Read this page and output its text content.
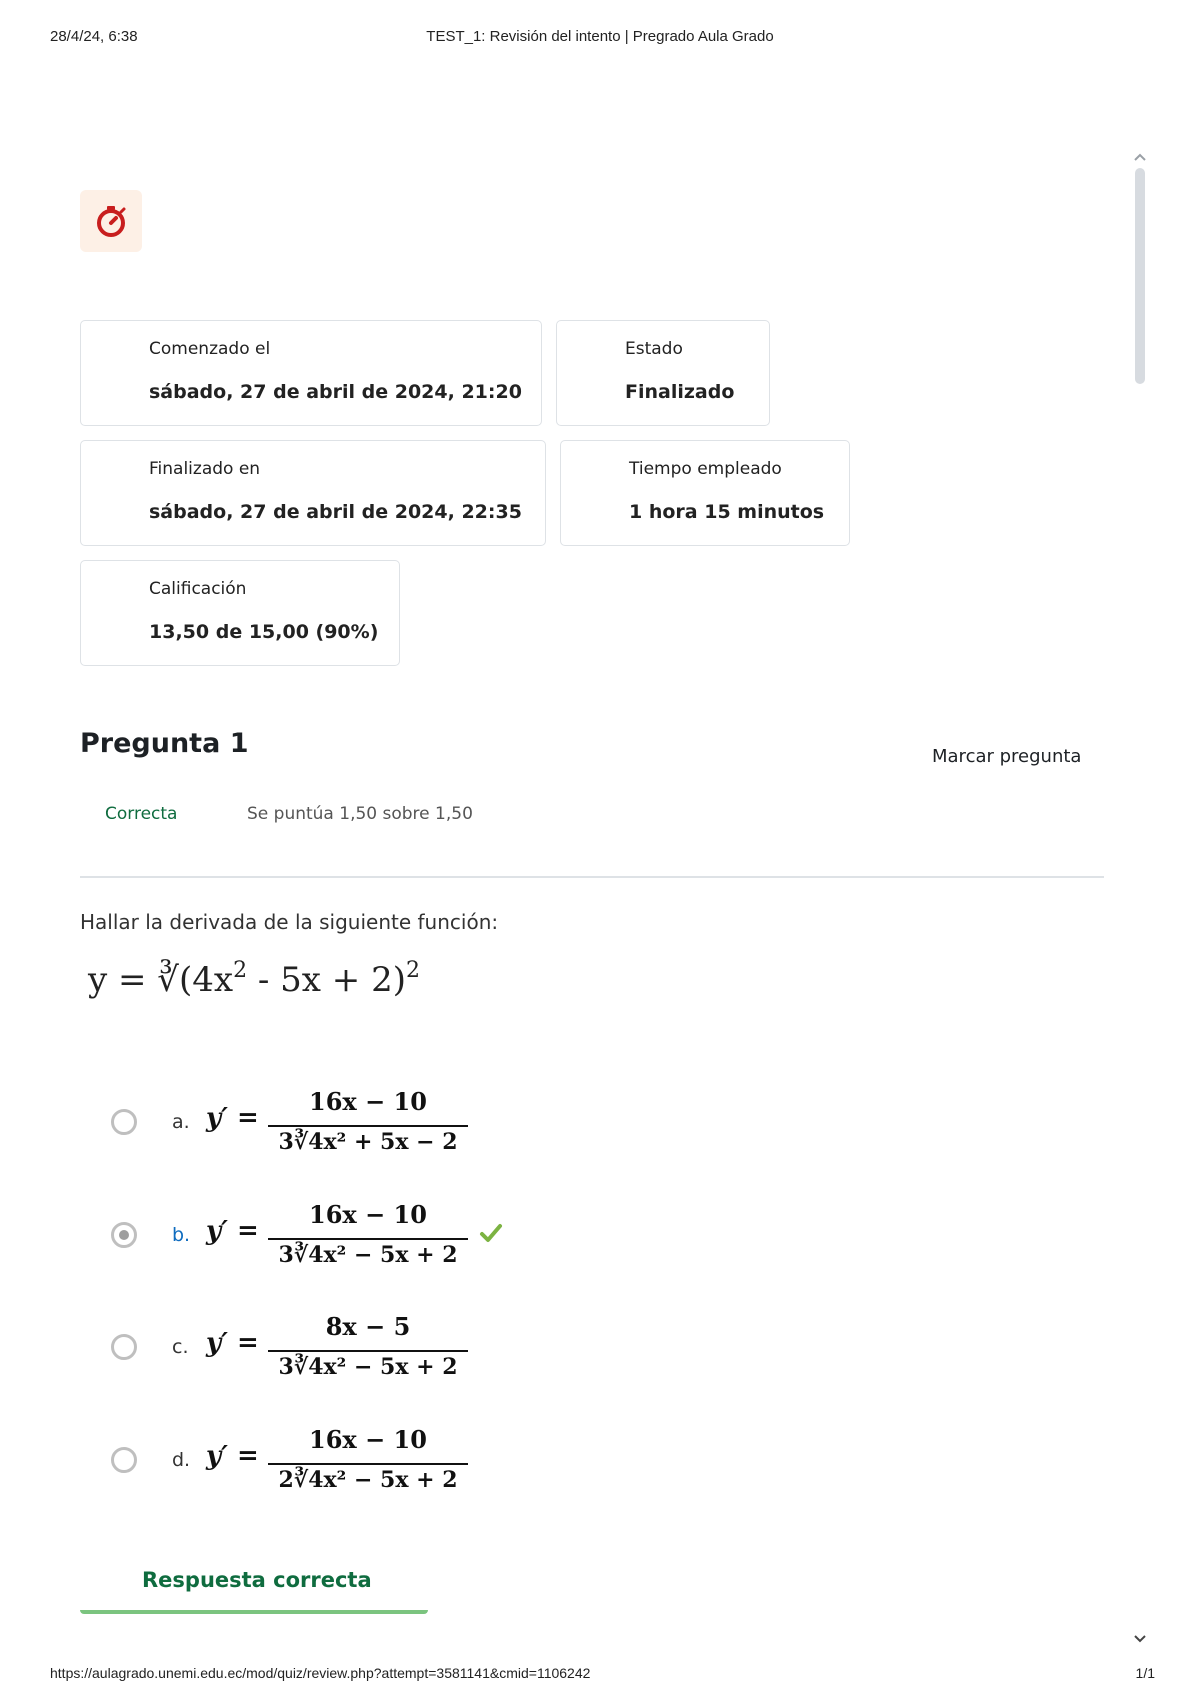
28/4/24, 6:38	TEST_1: Revisión del intento | Pregrado Aula Grado
Comenzado el
sábado, 27 de abril de 2024, 21:20
Estado
Finalizado
Finalizado en
sábado, 27 de abril de 2024, 22:35
Tiempo empleado
1 hora 15 minutos
Calificación
13,50 de 15,00 (90%)
Pregunta 1	Marcar pregunta
Correcta	Se puntúa 1,50 sobre 1,50
Hallar la derivada de la siguiente función:
$y = ∛(4x^2 - 5x + 2)^2$
a. y′ =
16x − 10
3∛4x² + 5x − 2
b. y′ =
16x − 10
3∛4x² − 5x + 2
c. y′ =
8x − 5
3∛4x² − 5x + 2
d. y′ =
16x − 10
2∛4x² − 5x + 2
Respuesta correcta
https://aulagrado.unemi.edu.ec/mod/quiz/review.php?attempt=3581141&cmid=1106242	1/1
